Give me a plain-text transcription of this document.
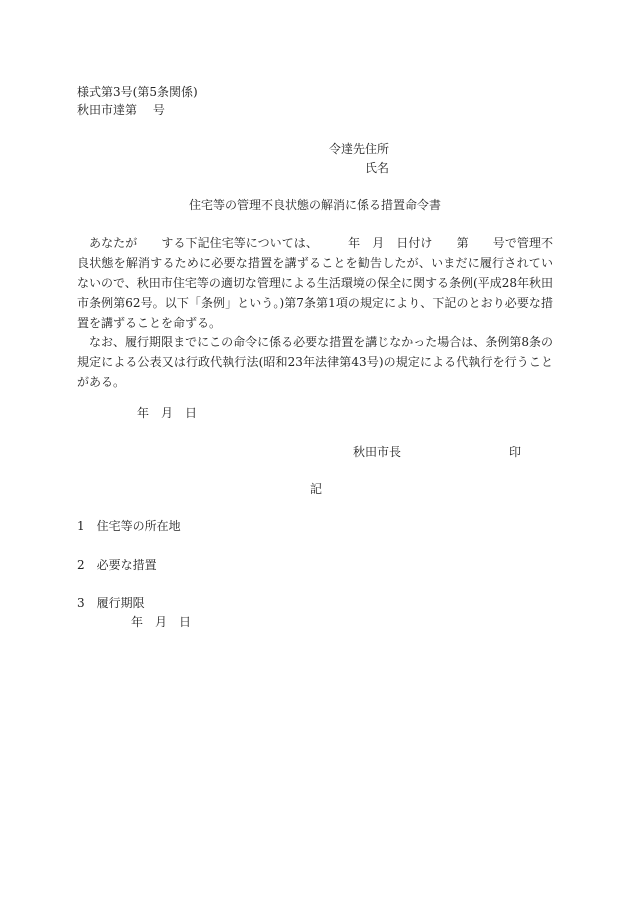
様式第3号(第5条関係)
秋田市達第　 号
令達先住所
氏名
住宅等の管理不良状態の解消に係る措置命令書

　あなたが　　する下記住宅等については、　　　年　月　日付け　　第　　号で管理不良状態を解消するために必要な措置を講ずることを勧告したが、いまだに履行されていないので、秋田市住宅等の適切な管理による生活環境の保全に関する条例(平成28年秋田市条例第62号。以下「条例」という。)第7条第1項の規定により、下記のとおり必要な措置を講ずることを命ずる。

　なお、履行期限までにこの命令に係る必要な措置を講じなかった場合は、条例第8条の規定による公表又は行政代執行法(昭和23年法律第43号)の規定による代執行を行うことがある。

年　月　日
秋田市長	印
記
1　住宅等の所在地
2　必要な措置
3　履行期限
年　月　日
